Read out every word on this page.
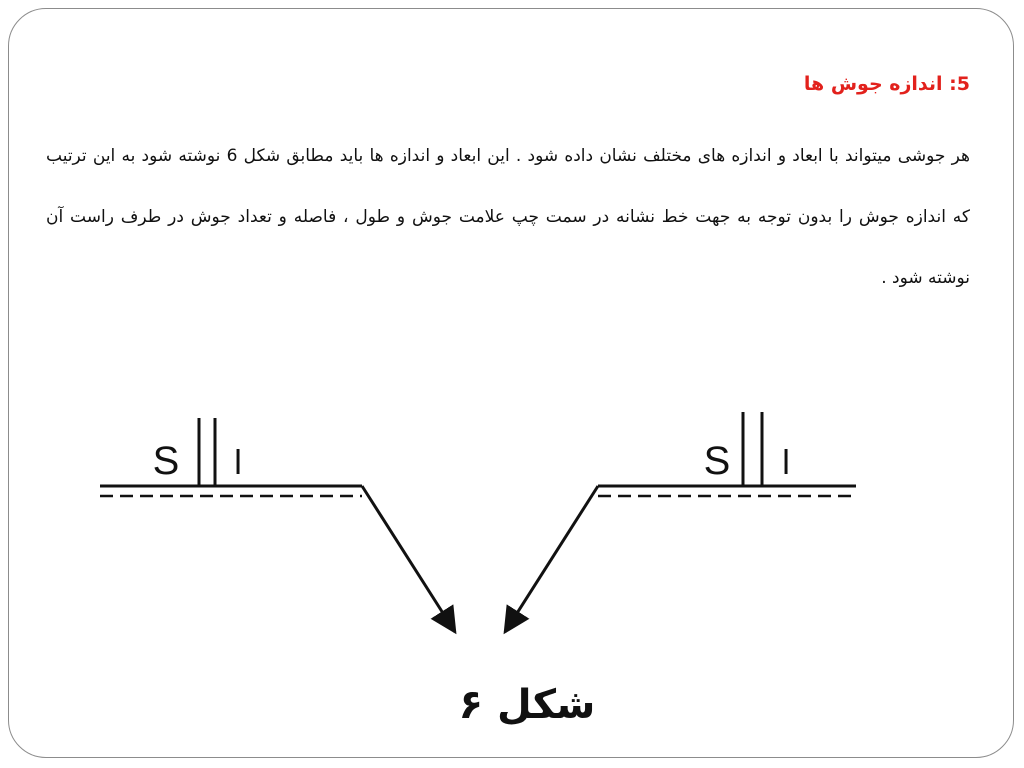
5: اندازه جوش ها

هر جوشی میتواند با ابعاد و اندازه های مختلف نشان داده شود . این ابعاد و اندازه ها باید مطابق شکل 6 نوشته شود به این ترتیب که اندازه جوش را بدون توجه به جهت خط نشانه در سمت چپ علامت جوش و طول ، فاصله و تعداد جوش در طرف راست آن نوشته شود .

S l	S l
شکل ۶
